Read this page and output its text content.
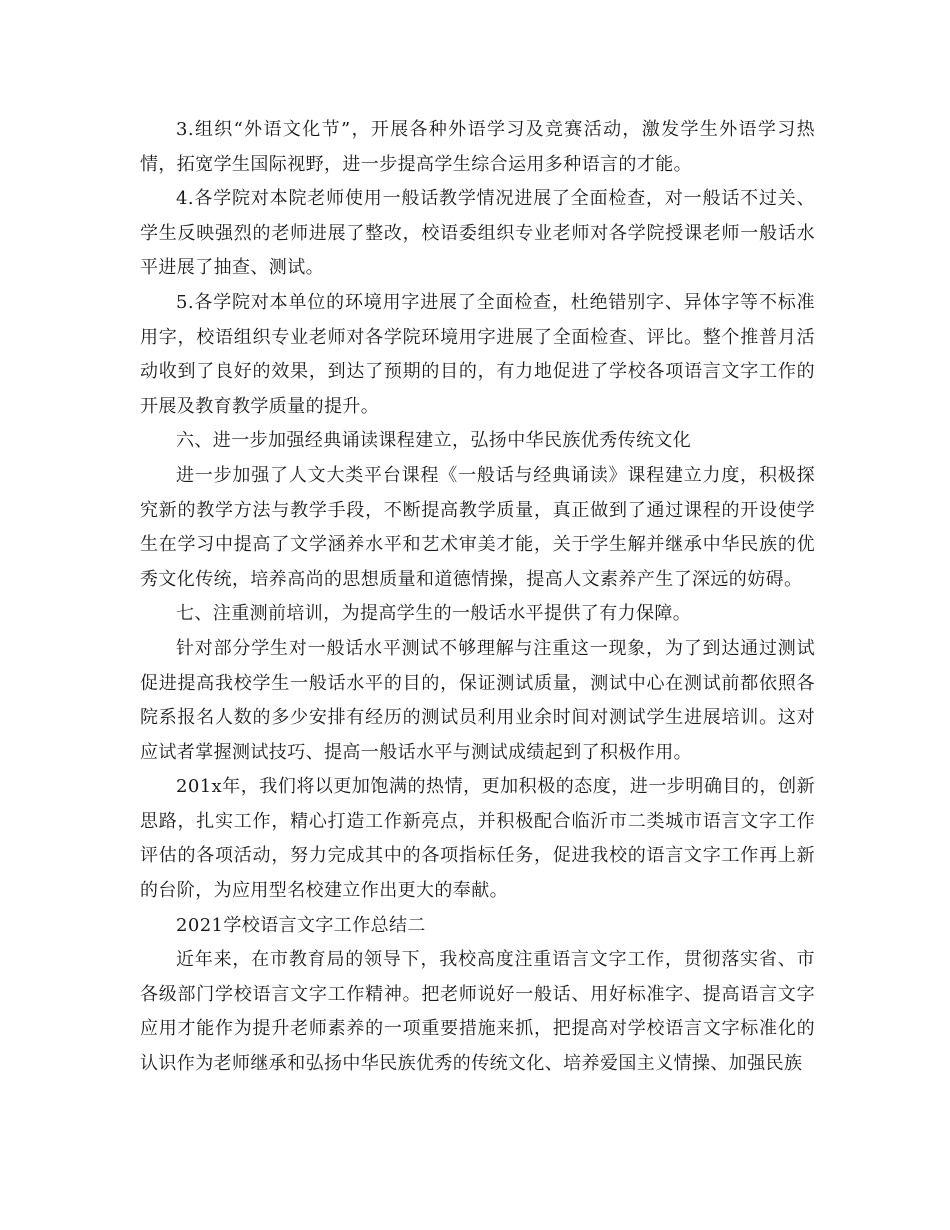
3.组织“外语文化节”，开展各种外语学习及竞赛活动，激发学生外语学习热情，拓宽学生国际视野，进一步提高学生综合运用多种语言的才能。

4.各学院对本院老师使用一般话教学情况进展了全面检查，对一般话不过关、学生反映强烈的老师进展了整改，校语委组织专业老师对各学院授课老师一般话水平进展了抽查、测试。

5.各学院对本单位的环境用字进展了全面检查，杜绝错别字、异体字等不标准用字，校语组织专业老师对各学院环境用字进展了全面检查、评比。整个推普月活动收到了良好的效果，到达了预期的目的，有力地促进了学校各项语言文字工作的开展及教育教学质量的提升。

六、进一步加强经典诵读课程建立，弘扬中华民族优秀传统文化

进一步加强了人文大类平台课程《一般话与经典诵读》课程建立力度，积极探究新的教学方法与教学手段，不断提高教学质量，真正做到了通过课程的开设使学生在学习中提高了文学涵养水平和艺术审美才能，关于学生解并继承中华民族的优秀文化传统，培养高尚的思想质量和道德情操，提高人文素养产生了深远的妨碍。

七、注重测前培训，为提高学生的一般话水平提供了有力保障。

针对部分学生对一般话水平测试不够理解与注重这一现象，为了到达通过测试促进提高我校学生一般话水平的目的，保证测试质量，测试中心在测试前都依照各院系报名人数的多少安排有经历的测试员利用业余时间对测试学生进展培训。这对应试者掌握测试技巧、提高一般话水平与测试成绩起到了积极作用。

201x年，我们将以更加饱满的热情，更加积极的态度，进一步明确目的，创新思路，扎实工作，精心打造工作新亮点，并积极配合临沂市二类城市语言文字工作评估的各项活动，努力完成其中的各项指标任务，促进我校的语言文字工作再上新的台阶，为应用型名校建立作出更大的奉献。

2021学校语言文字工作总结二

近年来，在市教育局的领导下，我校高度注重语言文字工作，贯彻落实省、市各级部门学校语言文字工作精神。把老师说好一般话、用好标准字、提高语言文字应用才能作为提升老师素养的一项重要措施来抓，把提高对学校语言文字标准化的认识作为老师继承和弘扬中华民族优秀的传统文化、培养爱国主义情操、加强民族
